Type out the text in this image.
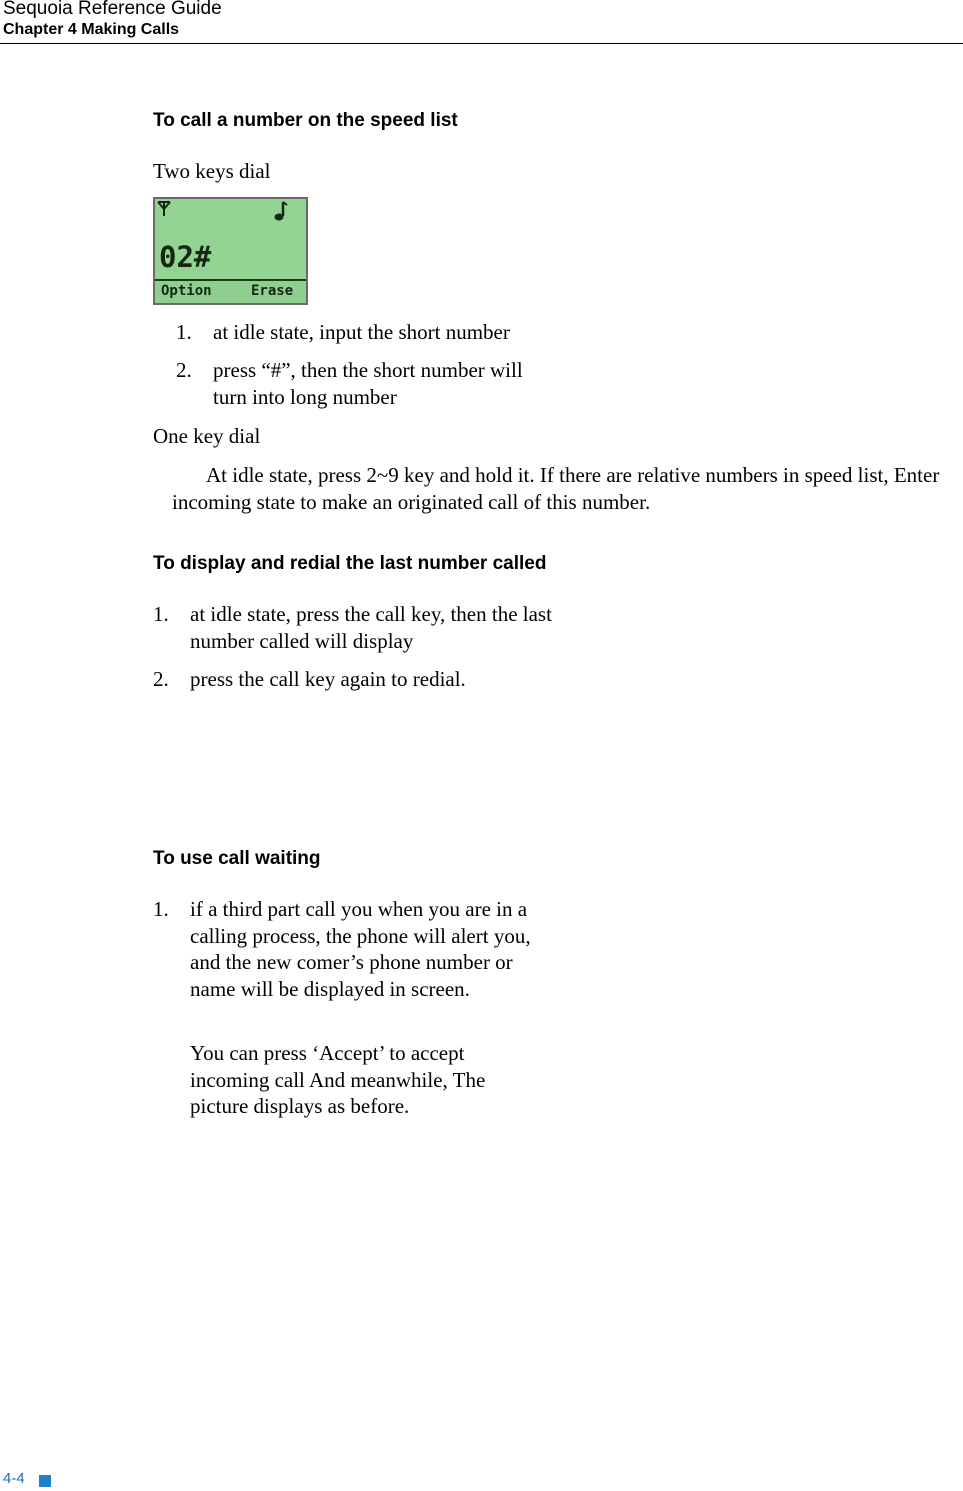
Sequoia Reference Guide
Chapter 4 Making Calls
To call a number on the speed list
Two keys dial
02#
Option	Erase
1.	at idle state, input the short number
2.	press “#”, then the short number will turn into long number
One key dial
At idle state, press 2~9 key and hold it. If there are relative numbers in speed list, Enter incoming state to make an originated call of this number.
To display and redial the last number called
1.	at idle state, press the call key, then the last number called will display
2.	press the call key again to redial.
To use call waiting
1.	if a third part call you when you are in a calling process, the phone will alert you, and the new comer’s phone number or name will be displayed in screen.
You can press ‘Accept’ to accept incoming call And meanwhile, The picture displays as before.
4-4
